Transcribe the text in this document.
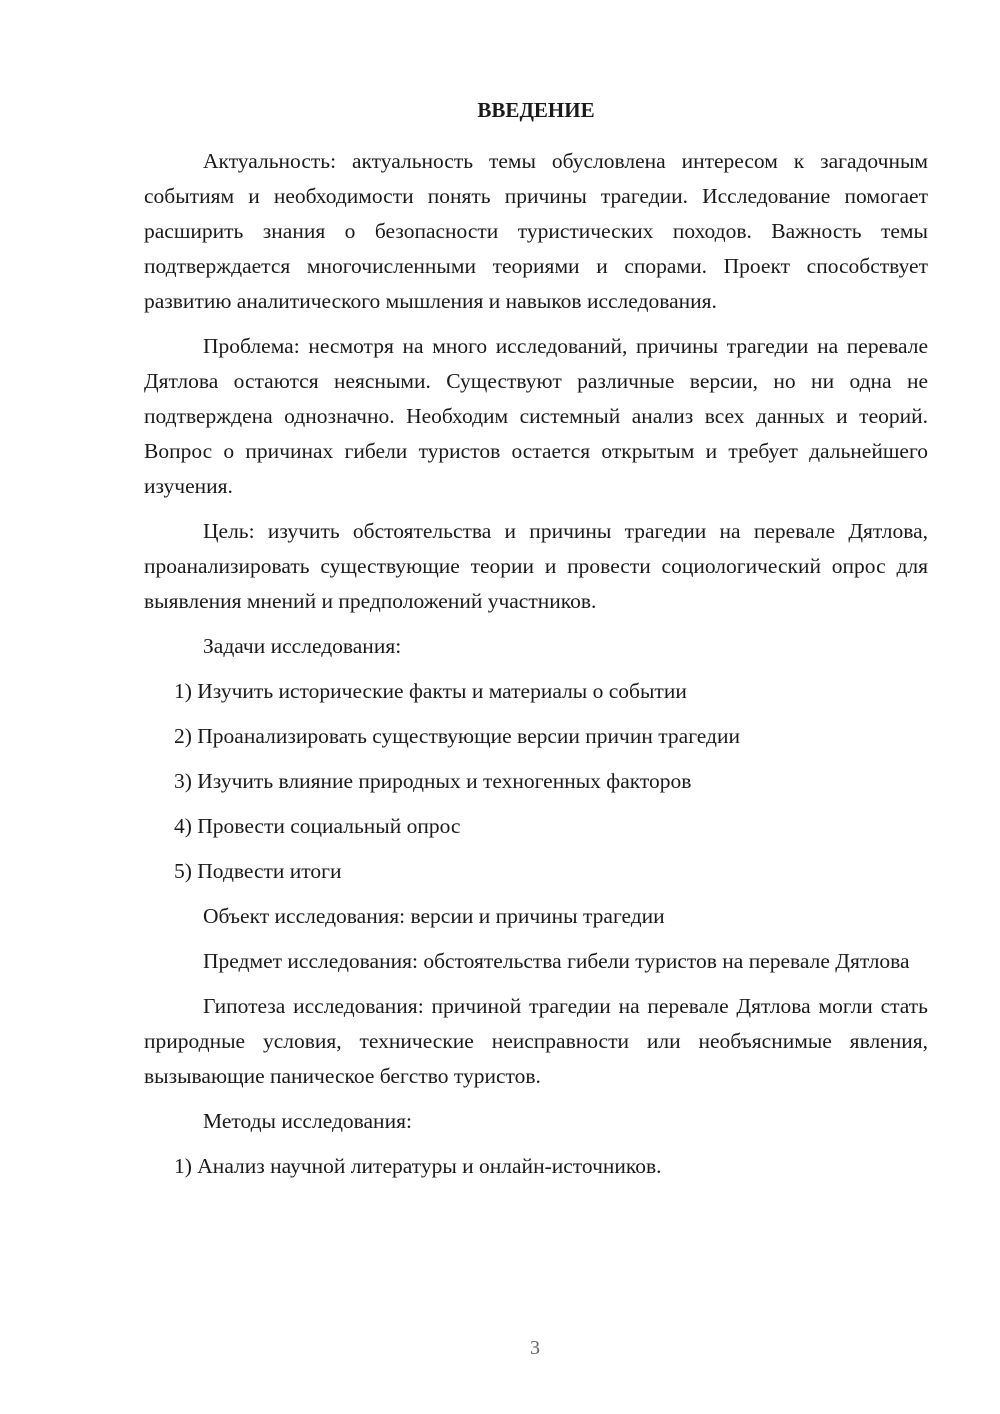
ВВЕДЕНИЕ

Актуальность: актуальность темы обусловлена интересом к загадочным событиям и необходимости понять причины трагедии. Исследование помогает расширить знания о безопасности туристических походов. Важность темы подтверждается многочисленными теориями и спорами. Проект способствует развитию аналитического мышления и навыков исследования.

Проблема: несмотря на много исследований, причины трагедии на перевале Дятлова остаются неясными. Существуют различные версии, но ни одна не подтверждена однозначно. Необходим системный анализ всех данных и теорий. Вопрос о причинах гибели туристов остается открытым и требует дальнейшего изучения.

Цель: изучить обстоятельства и причины трагедии на перевале Дятлова, проанализировать существующие теории и провести социологический опрос для выявления мнений и предположений участников.

Задачи исследования:

1) Изучить исторические факты и материалы о событии
2) Проанализировать существующие версии причин трагедии
3) Изучить влияние природных и техногенных факторов
4) Провести социальный опрос
5) Подвести итоги

Объект исследования: версии и причины трагедии

Предмет исследования: обстоятельства гибели туристов на перевале Дятлова

Гипотеза исследования: причиной трагедии на перевале Дятлова могли стать природные условия, технические неисправности или необъяснимые явления, вызывающие паническое бегство туристов.

Методы исследования:

1) Анализ научной литературы и онлайн-источников.
3
